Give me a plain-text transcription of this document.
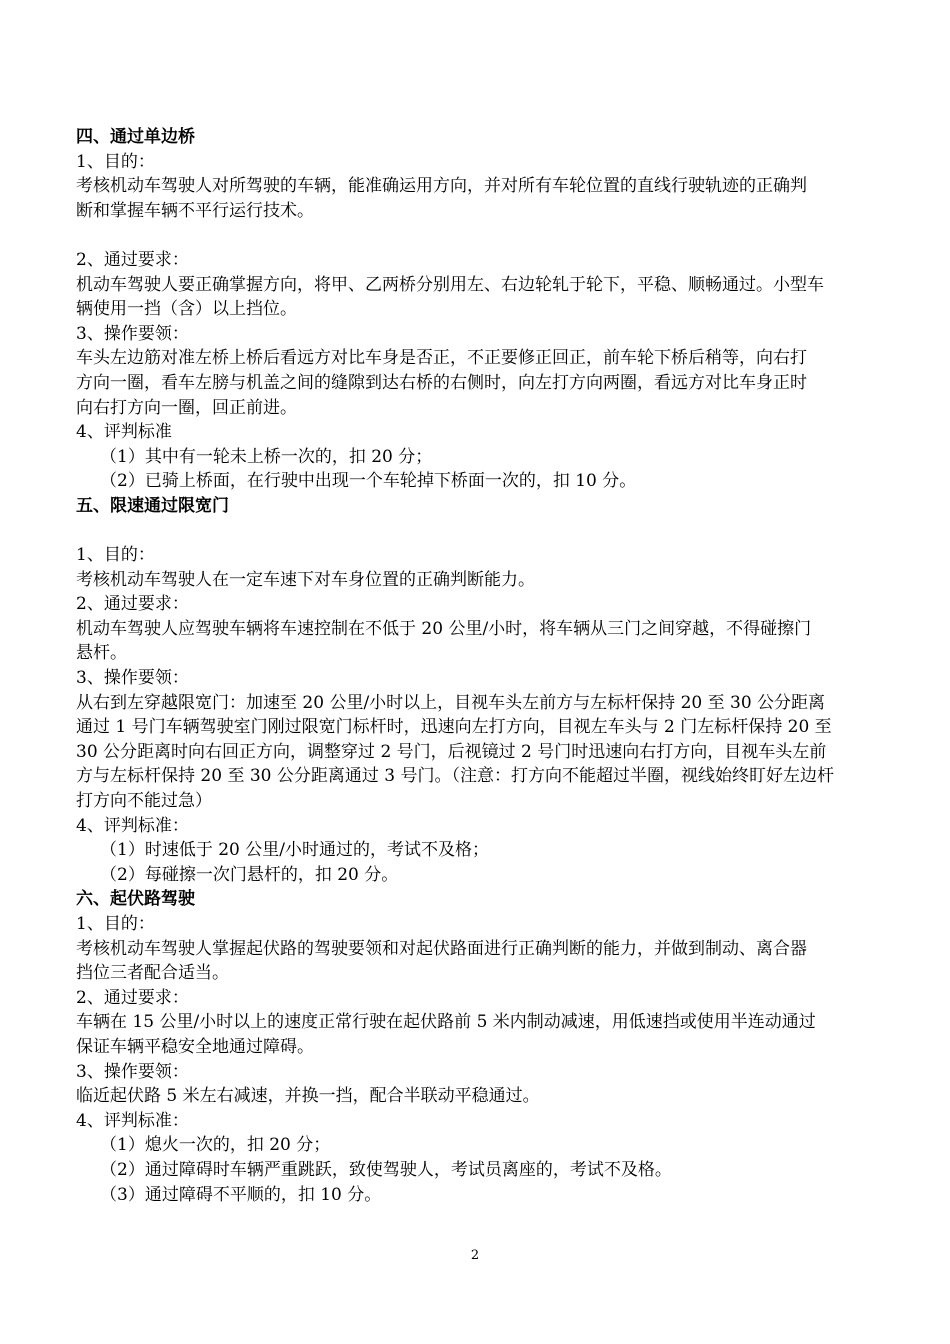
四、通过单边桥

1、目的：

考核机动车驾驶人对所驾驶的车辆，能准确运用方向，并对所有车轮位置的直线行驶轨迹的正确判

断和掌握车辆不平行运行技术。

2、通过要求：

机动车驾驶人要正确掌握方向，将甲、乙两桥分别用左、右边轮轧于轮下，平稳、顺畅通过。小型车

辆使用一挡（含）以上挡位。

3、操作要领：

车头左边筋对准左桥上桥后看远方对比车身是否正，不正要修正回正，前车轮下桥后稍等，向右打

方向一圈，看车左膀与机盖之间的缝隙到达右桥的右侧时，向左打方向两圈，看远方对比车身正时

向右打方向一圈，回正前进。

4、评判标准

（1）其中有一轮未上桥一次的，扣 20 分；

（2）已骑上桥面，在行驶中出现一个车轮掉下桥面一次的，扣 10 分。

五、限速通过限宽门

1、目的：

考核机动车驾驶人在一定车速下对车身位置的正确判断能力。

2、通过要求：

机动车驾驶人应驾驶车辆将车速控制在不低于 20 公里/小时，将车辆从三门之间穿越，不得碰擦门

悬杆。

3、操作要领：

从右到左穿越限宽门：加速至 20 公里/小时以上，目视车头左前方与左标杆保持 20 至 30 公分距离

通过 1 号门车辆驾驶室门刚过限宽门标杆时，迅速向左打方向，目视左车头与 2 门左标杆保持 20 至

30 公分距离时向右回正方向，调整穿过 2 号门，后视镜过 2 号门时迅速向右打方向，目视车头左前

方与左标杆保持 20 至 30 公分距离通过 3 号门。（注意：打方向不能超过半圈，视线始终盯好左边杆

打方向不能过急）

4、评判标准：

（1）时速低于 20 公里/小时通过的，考试不及格；

（2）每碰擦一次门悬杆的，扣 20 分。

六、起伏路驾驶

1、目的：

考核机动车驾驶人掌握起伏路的驾驶要领和对起伏路面进行正确判断的能力，并做到制动、离合器

挡位三者配合适当。

2、通过要求：

车辆在 15 公里/小时以上的速度正常行驶在起伏路前 5 米内制动减速，用低速挡或使用半连动通过

保证车辆平稳安全地通过障碍。

3、操作要领：

临近起伏路 5 米左右减速，并换一挡，配合半联动平稳通过。

4、评判标准：

（1）熄火一次的，扣 20 分；

（2）通过障碍时车辆严重跳跃，致使驾驶人，考试员离座的，考试不及格。

（3）通过障碍不平顺的，扣 10 分。

2
